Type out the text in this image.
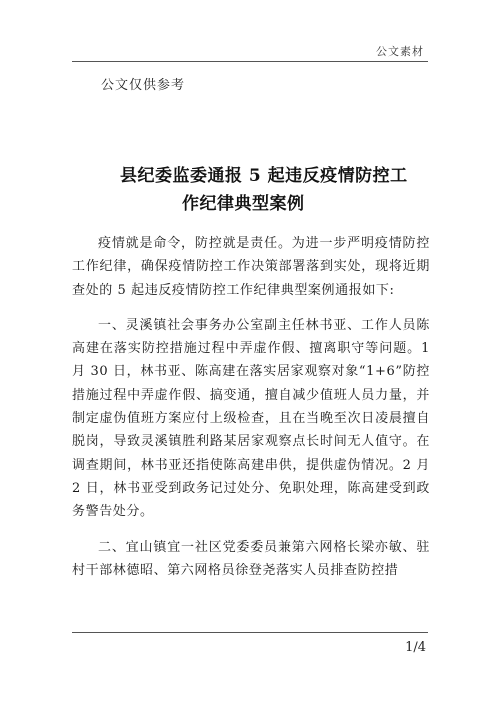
公文素材
公文仅供参考
县纪委监委通报 5 起违反疫情防控工
作纪律典型案例

疫情就是命令，防控就是责任。为进一步严明疫情防控工作纪律，确保疫情防控工作决策部署落到实处，现将近期查处的 5 起违反疫情防控工作纪律典型案例通报如下:

一、灵溪镇社会事务办公室副主任林书亚、工作人员陈高建在落实防控措施过程中弄虚作假、擅离职守等问题。1 月 30 日，林书亚、陈高建在落实居家观察对象“1+6”防控措施过程中弄虚作假、搞变通，擅自减少值班人员力量，并制定虚伪值班方案应付上级检查，且在当晚至次日凌晨擅自脱岗，导致灵溪镇胜利路某居家观察点长时间无人值守。在调查期间，林书亚还指使陈高建串供，提供虚伪情况。2 月 2 日，林书亚受到政务记过处分、免职处理，陈高建受到政务警告处分。

二、宜山镇宜一社区党委委员兼第六网格长梁亦敏、驻村干部林德昭、第六网格员徐登尧落实人员排查防控措

1/4
